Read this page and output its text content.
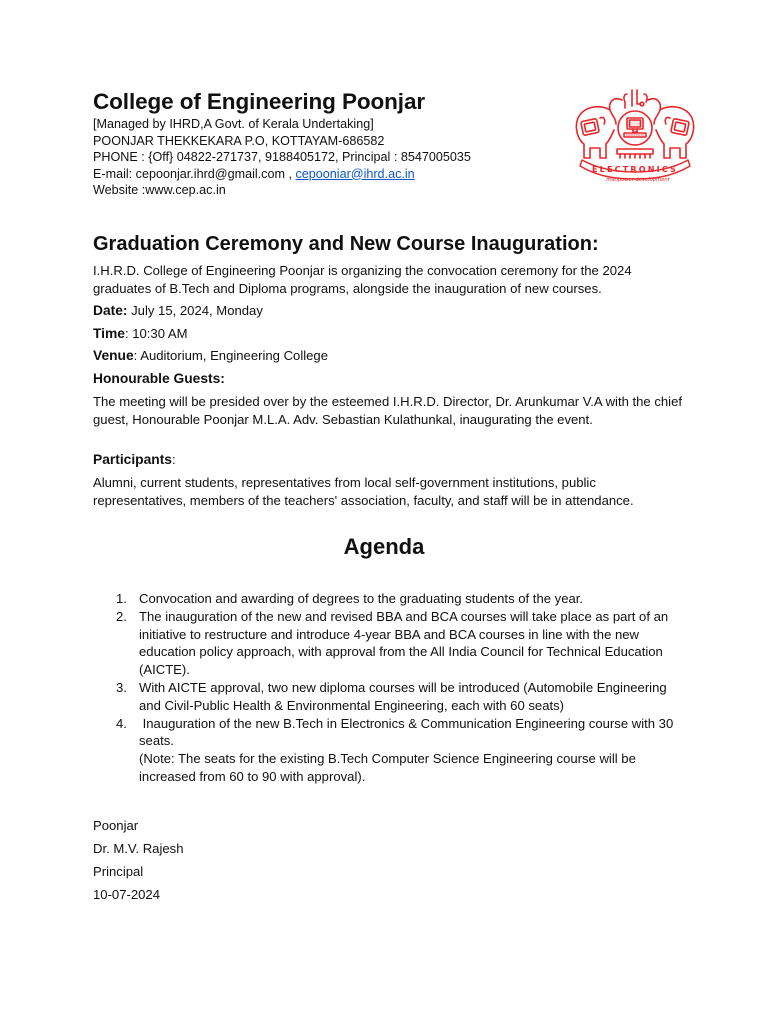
College of Engineering Poonjar
[Managed by IHRD,A Govt. of Kerala Undertaking]
POONJAR THEKKEKARA P.O, KOTTAYAM-686582
PHONE : {Off} 04822-271737, 9188405172, Principal : 8547005035
E-mail: cepoonjar.ihrd@gmail.com , cepooniar@ihrd.ac.in
Website :www.cep.ac.in
ELECTRONICS
manpower development
Graduation Ceremony and New Course Inauguration:
I.H.R.D. College of Engineering Poonjar is organizing the convocation ceremony for the 2024 graduates of B.Tech and Diploma programs, alongside the inauguration of new courses.
Date: July 15, 2024, Monday
Time: 10:30 AM
Venue: Auditorium, Engineering College
Honourable Guests:
The meeting will be presided over by the esteemed I.H.R.D. Director, Dr. Arunkumar V.A with the chief guest, Honourable Poonjar M.L.A. Adv. Sebastian Kulathunkal, inaugurating the event.
Participants:
Alumni, current students, representatives from local self-government institutions, public representatives, members of the teachers' association, faculty, and staff will be in attendance.
Agenda
1. Convocation and awarding of degrees to the graduating students of the year.
2. The inauguration of the new and revised BBA and BCA courses will take place as part of an initiative to restructure and introduce 4-year BBA and BCA courses in line with the new education policy approach, with approval from the All India Council for Technical Education (AICTE).
3. With AICTE approval, two new diploma courses will be introduced (Automobile Engineering and Civil-Public Health & Environmental Engineering, each with 60 seats)
4. Inauguration of the new B.Tech in Electronics & Communication Engineering course with 30 seats.
(Note: The seats for the existing B.Tech Computer Science Engineering course will be increased from 60 to 90 with approval).
Poonjar
Dr. M.V. Rajesh
Principal
10-07-2024
